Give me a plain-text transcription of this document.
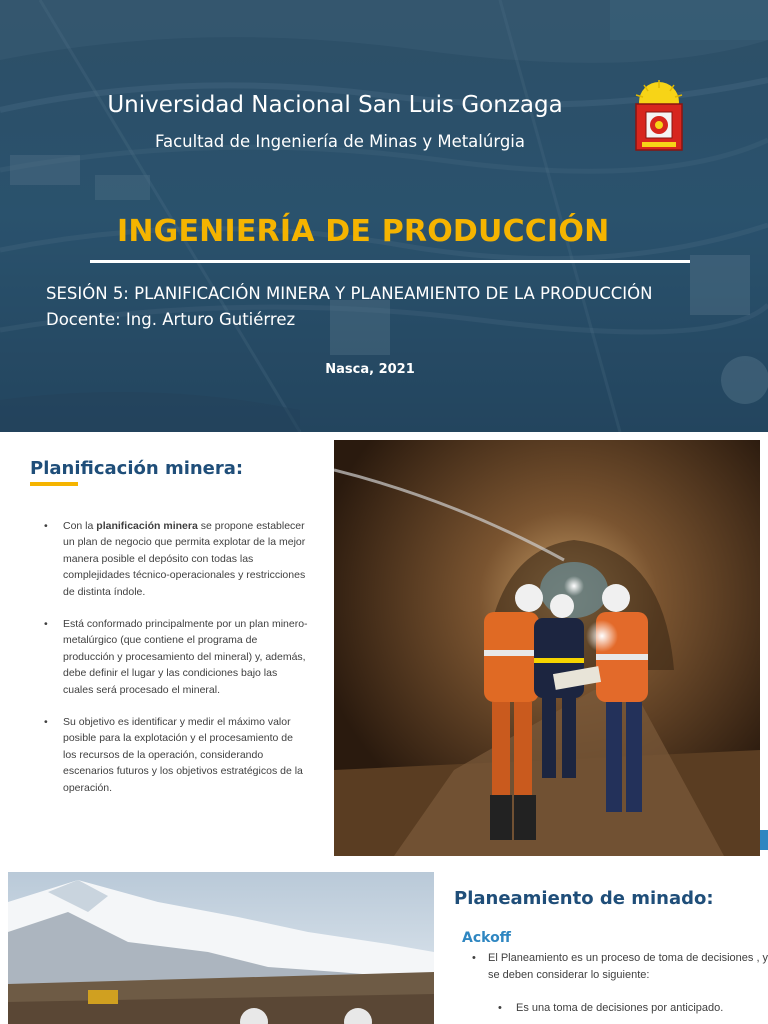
Universidad Nacional San Luis Gonzaga
Facultad de Ingeniería de Minas y Metalúrgia
INGENIERÍA DE PRODUCCIÓN
SESIÓN 5: PLANIFICACIÓN MINERA Y PLANEAMIENTO DE LA PRODUCCIÓN
Docente: Ing. Arturo Gutiérrez
Nasca, 2021
Planificación minera:
• Con la planificación minera se propone establecer un plan de negocio que permita explotar de la mejor manera posible el depósito con todas las complejidades técnico-operacionales y restricciones de distinta índole.
• Está conformado principalmente por un plan minero-metalúrgico (que contiene el programa de producción y procesamiento del mineral) y, además, debe definir el lugar y las condiciones bajo las cuales será procesado el mineral.
• Su objetivo es identificar y medir el máximo valor posible para la explotación y el procesamiento de los recursos de la operación, considerando escenarios futuros y los objetivos estratégicos de la operación.
Planeamiento de minado:
Ackoff
• El Planeamiento es un proceso de toma de decisiones , y se deben considerar lo siguiente:
• Es una toma de decisiones por anticipado.
